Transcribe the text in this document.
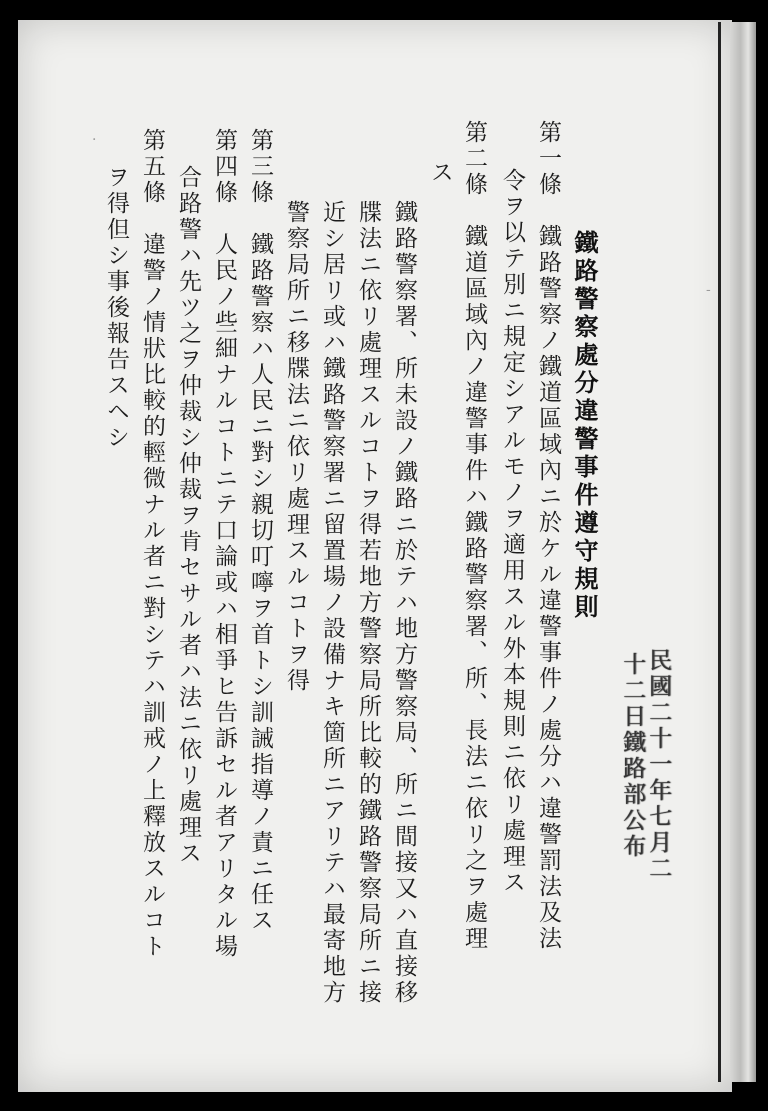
·
-
民國二十一年七月二
十二日鐵路部公布
鐵路警察處分違警事件遵守規則
第一條　鐵路警察ノ鐵道區域內ニ於ケル違警事件ノ處分ハ違警罰法及法
令ヲ以テ別ニ規定シアルモノヲ適用スル外本規則ニ依リ處理ス
第二條　鐵道區域內ノ違警事件ハ鐵路警察署、所、長法ニ依リ之ヲ處理
ス
鐵路警察署、所未設ノ鐵路ニ於テハ地方警察局、所ニ間接又ハ直接移
牒法ニ依リ處理スルコトヲ得若地方警察局所比較的鐵路警察局所ニ接
近シ居リ或ハ鐵路警察署ニ留置場ノ設備ナキ箇所ニアリテハ最寄地方
警察局所ニ移牒法ニ依リ處理スルコトヲ得
第三條　鐵路警察ハ人民ニ對シ親切叮嚀ヲ首トシ訓誡指導ノ責ニ任ス
第四條　人民ノ些細ナルコトニテ口論或ハ相爭ヒ告訴セル者アリタル場
合路警ハ先ツ之ヲ仲裁シ仲裁ヲ肯セサル者ハ法ニ依リ處理ス
第五條　違警ノ情狀比較的輕微ナル者ニ對シテハ訓戒ノ上釋放スルコト
ヲ得但シ事後報告スヘシ
